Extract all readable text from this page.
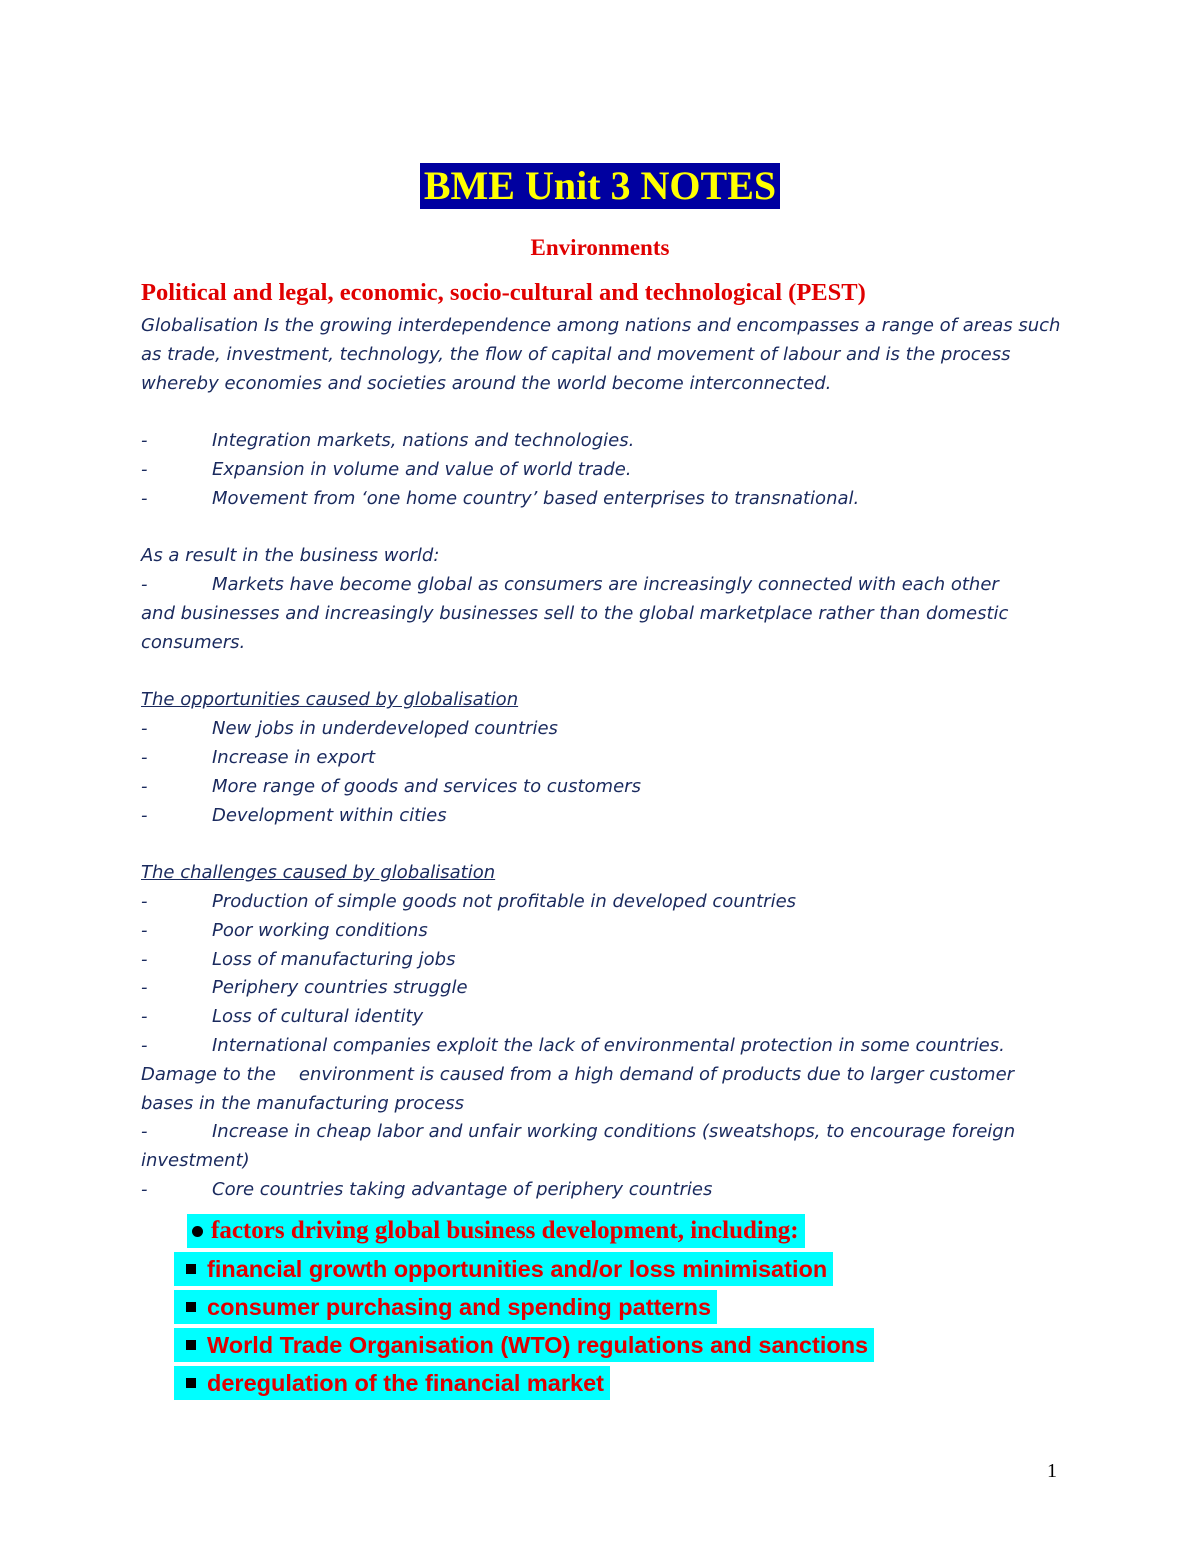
BME Unit 3 NOTES
Environments
Political and legal, economic, socio-cultural and technological (PEST)

Globalisation Is the growing interdependence among nations and encompasses a range of areas such as trade, investment, technology, the flow of capital and movement of labour and is the process whereby economies and societies around the world become interconnected.

-	Integration markets, nations and technologies.
-	Expansion in volume and value of world trade.
-	Movement from ‘one home country’ based enterprises to transnational.

As a result in the business world:

-	Markets have become global as consumers are increasingly connected with each other

and businesses and increasingly businesses sell to the global marketplace rather than domestic consumers.

The opportunities caused by globalisation

-	New jobs in underdeveloped countries
-	Increase in export
-	More range of goods and services to customers
-	Development within cities

The challenges caused by globalisation

-	Production of simple goods not profitable in developed countries
-	Poor working conditions
-	Loss of manufacturing jobs
-	Periphery countries struggle
-	Loss of cultural identity
-	International companies exploit the lack of environmental protection in some countries.

Damage to the    environment is caused from a high demand of products due to larger customer bases in the manufacturing process

-	Increase in cheap labor and unfair working conditions (sweatshops, to encourage foreign

investment)

-	Core countries taking advantage of periphery countries
factors driving global business development, including:
financial growth opportunities and/or loss minimisation
consumer purchasing and spending patterns
World Trade Organisation (WTO) regulations and sanctions
deregulation of the financial market
1
